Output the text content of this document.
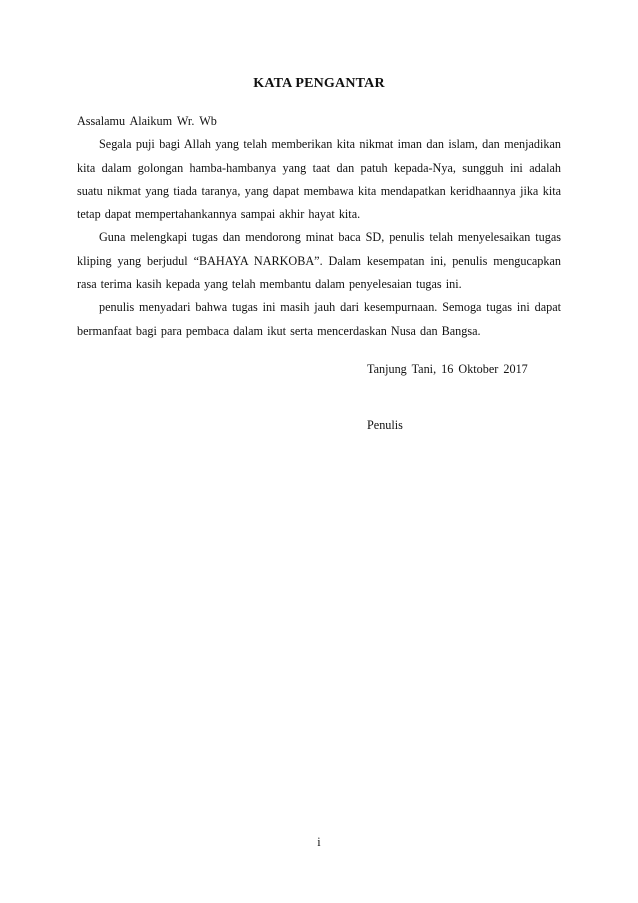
KATA PENGANTAR

Assalamu Alaikum Wr. Wb

Segala puji bagi Allah yang telah memberikan kita nikmat iman dan islam, dan menjadikan kita dalam golongan hamba-hambanya yang taat dan patuh kepada-Nya, sungguh ini adalah suatu nikmat yang tiada taranya, yang dapat membawa kita mendapatkan keridhaannya jika kita tetap dapat mempertahankannya sampai akhir hayat kita.

Guna melengkapi tugas dan mendorong minat baca SD, penulis telah menyelesaikan tugas kliping yang berjudul “BAHAYA NARKOBA”. Dalam kesempatan ini, penulis mengucapkan rasa terima kasih kepada yang telah membantu dalam penyelesaian tugas ini.

penulis menyadari bahwa tugas ini masih jauh dari kesempurnaan. Semoga tugas ini dapat bermanfaat bagi para pembaca dalam ikut serta mencerdaskan Nusa dan Bangsa.

Tanjung Tani, 16 Oktober 2017
Penulis
i
